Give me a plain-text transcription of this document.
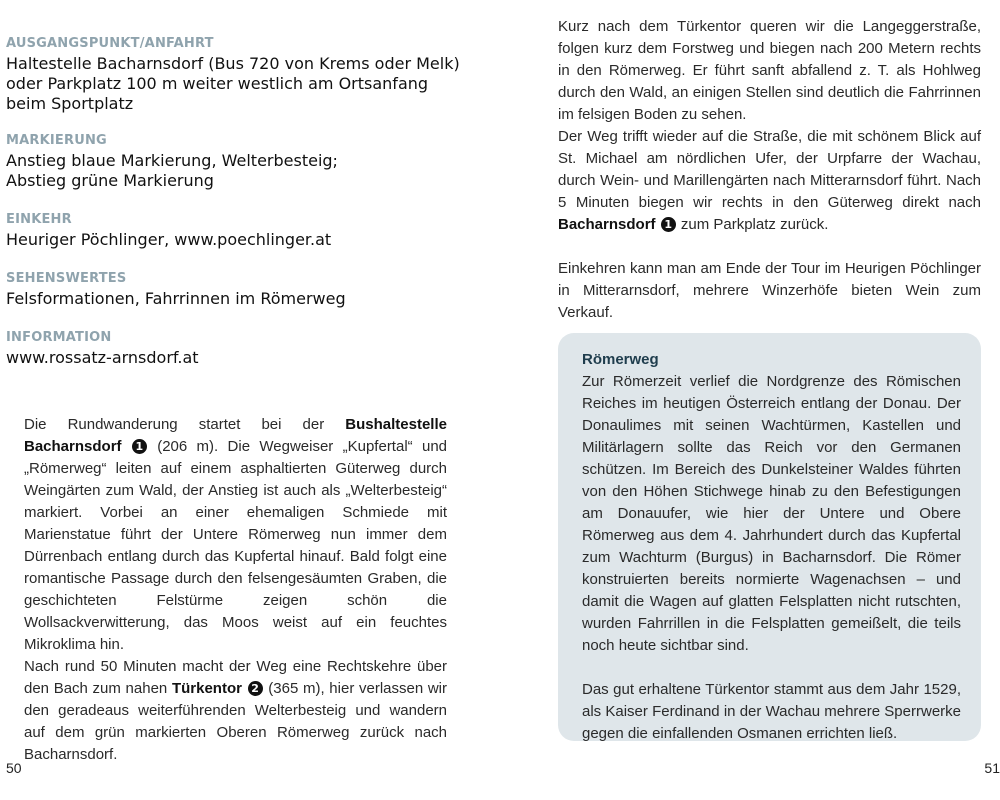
AUSGANGSPUNKT/ANFAHRT

Haltestelle Bacharnsdorf (Bus 720 von Krems oder Melk) oder Parkplatz 100 m weiter westlich am Ortsanfang beim Sportplatz

MARKIERUNG

Anstieg blaue Markierung, Welterbesteig; Abstieg grüne Markierung

EINKEHR

Heuriger Pöchlinger, www.poechlinger.at

SEHENSWERTES

Felsformationen, Fahrrinnen im Römerweg

INFORMATION

www.rossatz-arnsdorf.at

Die Rundwanderung startet bei der Bushaltestelle Bacharnsdorf 1 (206 m). Die Wegweiser „Kupfertal“ und „Römerweg“ leiten auf einem asphaltierten Güterweg durch Weingärten zum Wald, der Anstieg ist auch als „Welterbesteig“ markiert. Vorbei an einer ehemaligen Schmiede mit Marienstatue führt der Untere Römerweg nun immer dem Dürrenbach entlang durch das Kupfertal hinauf. Bald folgt eine romantische Passage durch den felsengesäumten Graben, die geschichteten Felstürme zeigen schön die Wollsackverwitterung, das Moos weist auf ein feuchtes Mikroklima hin.

Nach rund 50 Minuten macht der Weg eine Rechtskehre über den Bach zum nahen Türkentor 2 (365 m), hier verlassen wir den geradeaus weiterführenden Welterbesteig und wandern auf dem grün markierten Oberen Römerweg zurück nach Bacharnsdorf.

50

Kurz nach dem Türkentor queren wir die Langeggerstraße, folgen kurz dem Forstweg und biegen nach 200 Metern rechts in den Römerweg. Er führt sanft abfallend z. T. als Hohlweg durch den Wald, an einigen Stellen sind deutlich die Fahrrinnen im felsigen Boden zu sehen.

Der Weg trifft wieder auf die Straße, die mit schönem Blick auf St. Michael am nördlichen Ufer, der Urpfarre der Wachau, durch Wein- und Marillengärten nach Mitterarnsdorf führt. Nach 5 Minuten biegen wir rechts in den Güterweg direkt nach Bacharnsdorf 1 zum Parkplatz zurück.

Einkehren kann man am Ende der Tour im Heurigen Pöchlinger in Mitterarnsdorf, mehrere Winzerhöfe bieten Wein zum Verkauf.

Römerweg

Zur Römerzeit verlief die Nordgrenze des Römischen Reiches im heutigen Österreich entlang der Donau. Der Donaulimes mit seinen Wachtürmen, Kastellen und Militärlagern sollte das Reich vor den Germanen schützen. Im Bereich des Dunkelsteiner Waldes führten von den Höhen Stichwege hinab zu den Befestigungen am Donauufer, wie hier der Untere und Obere Römerweg aus dem 4. Jahrhundert durch das Kupfertal zum Wachturm (Burgus) in Bacharnsdorf. Die Römer konstruierten bereits normierte Wagenachsen – und damit die Wagen auf glatten Felsplatten nicht rutschten, wurden Fahrrillen in die Felsplatten gemeißelt, die teils noch heute sichtbar sind.

Das gut erhaltene Türkentor stammt aus dem Jahr 1529, als Kaiser Ferdinand in der Wachau mehrere Sperrwerke gegen die einfallenden Osmanen errichten ließ.

51
